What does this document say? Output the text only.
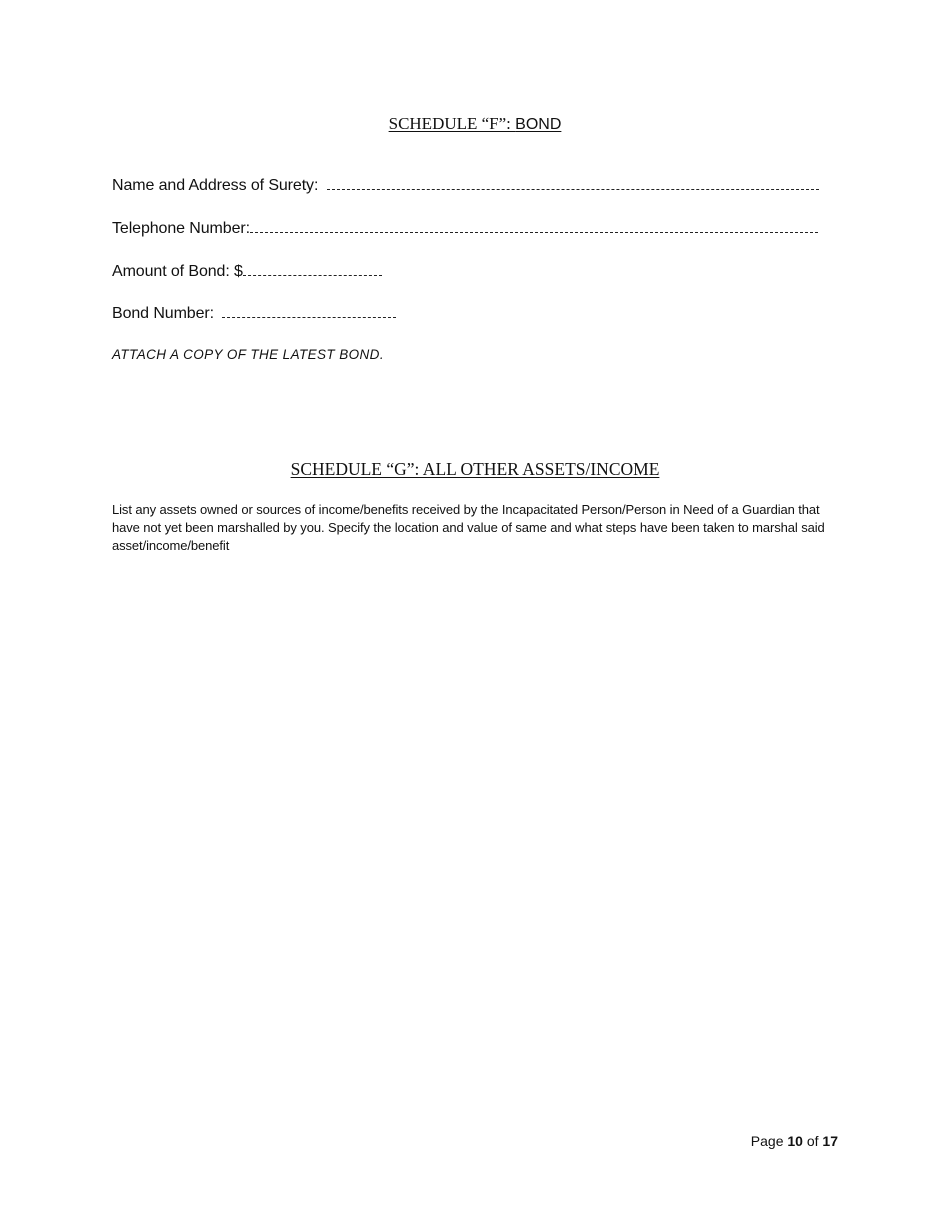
SCHEDULE “F”: BOND
Name and Address of Surety:
Telephone Number:
Amount of Bond: $
Bond Number:
ATTACH A COPY OF THE LATEST BOND.
SCHEDULE “G”: ALL OTHER ASSETS/INCOME
List any assets owned or sources of income/benefits received by the Incapacitated Person/Person in Need of a Guardian that have not yet been marshalled by you. Specify the location and value of same and what steps have been taken to marshal said asset/income/benefit
Page 10 of 17
